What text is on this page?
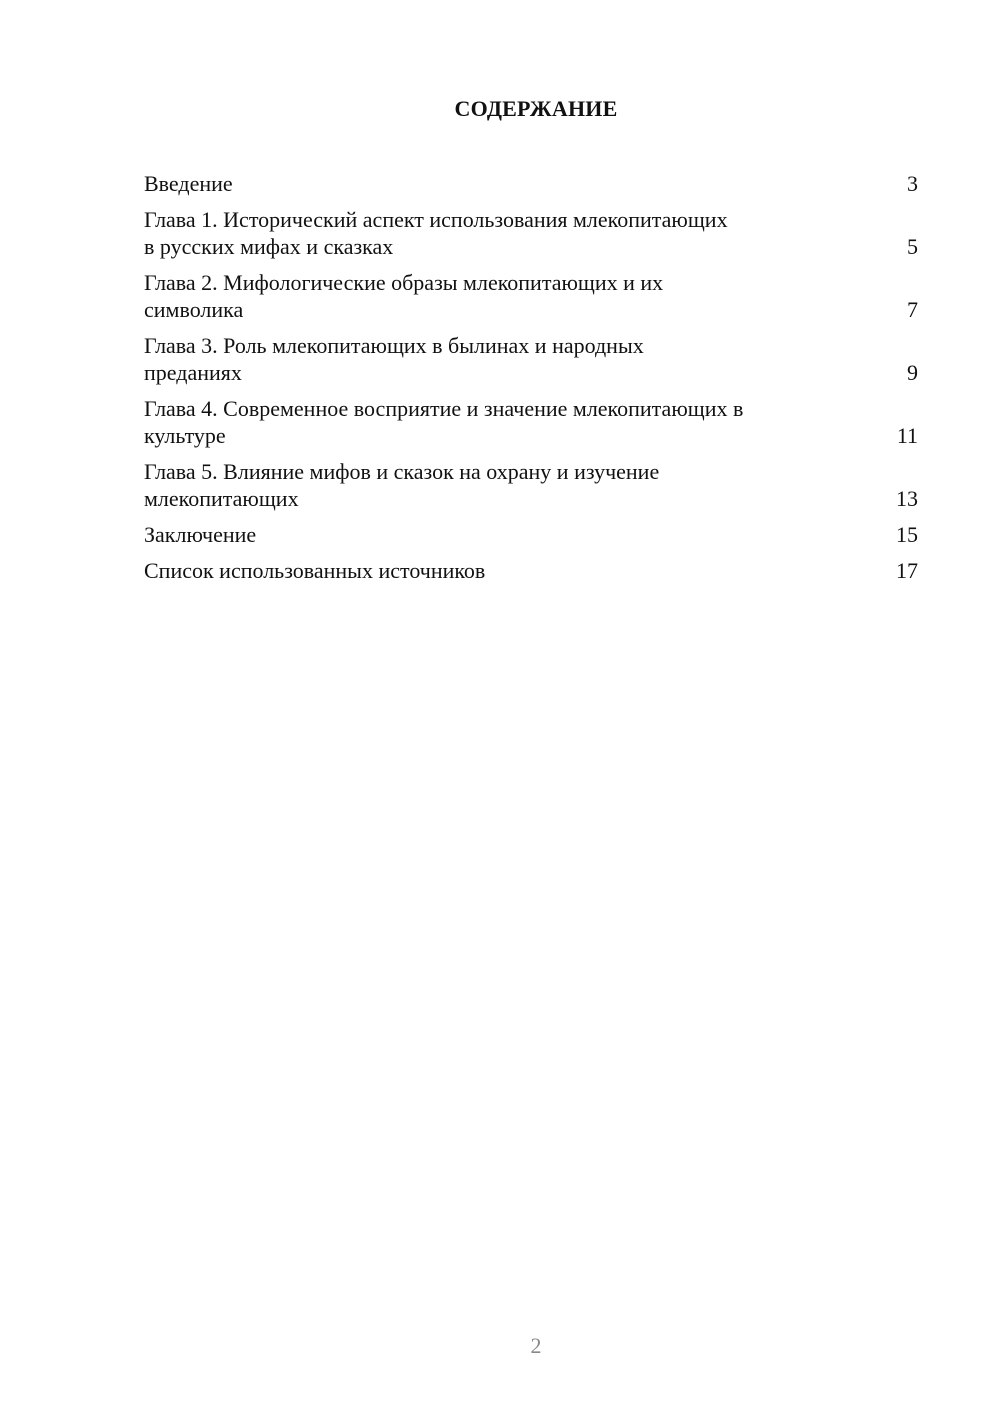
СОДЕРЖАНИЕ
Введение	3
Глава 1. Исторический аспект использования млекопитающих
в русских мифах и сказках	5
Глава 2. Мифологические образы млекопитающих и их
символика	7
Глава 3. Роль млекопитающих в былинах и народных
преданиях	9
Глава 4. Современное восприятие и значение млекопитающих в
культуре	11
Глава 5. Влияние мифов и сказок на охрану и изучение
млекопитающих	13
Заключение	15
Список использованных источников	17
2
